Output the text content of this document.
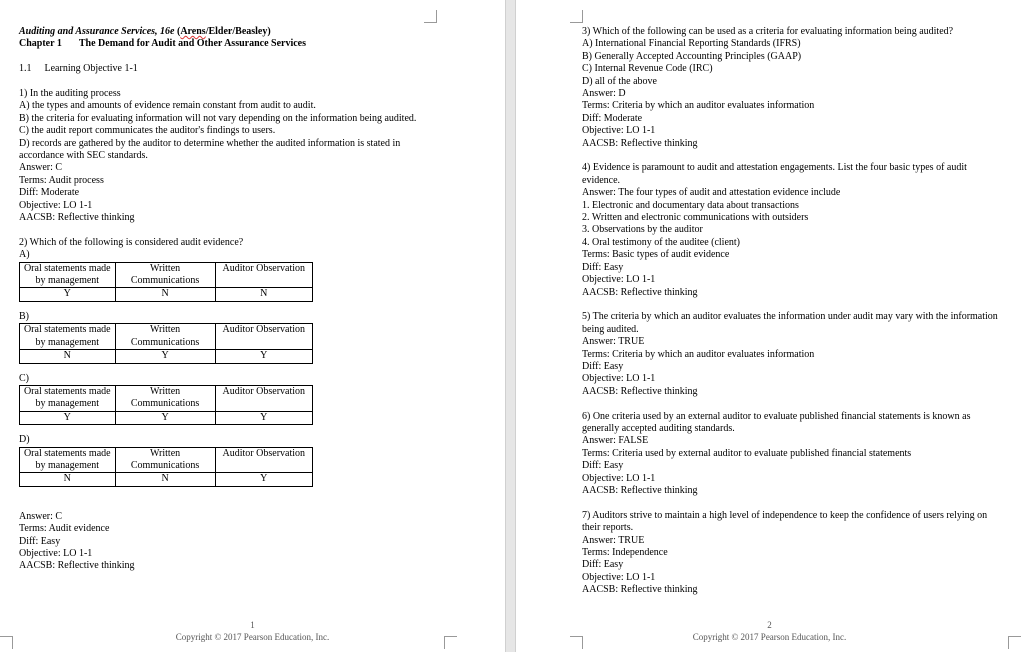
Auditing and Assurance Services, 16e (Arens/Elder/Beasley)
Chapter 1 The Demand for Audit and Other Assurance Services
1.1 Learning Objective 1-1
1) In the auditing process
A) the types and amounts of evidence remain constant from audit to audit.
B) the criteria for evaluating information will not vary depending on the information being audited.
C) the audit report communicates the auditor's findings to users.
D) records are gathered by the auditor to determine whether the audited information is stated in accordance with SEC standards.
Answer: C
Terms: Audit process
Diff: Moderate
Objective: LO 1-1
AACSB: Reflective thinking
2) Which of the following is considered audit evidence?
A)
Oral statements made by management	Written Communications	Auditor Observation
Y	N	N
B)
Oral statements made by management	Written Communications	Auditor Observation
N	Y	Y
C)
Oral statements made by management	Written Communications	Auditor Observation
Y	Y	Y
D)
Oral statements made by management	Written Communications	Auditor Observation
N	N	Y
Answer: C
Terms: Audit evidence
Diff: Easy
Objective: LO 1-1
AACSB: Reflective thinking
1
Copyright © 2017 Pearson Education, Inc.
3) Which of the following can be used as a criteria for evaluating information being audited?
A) International Financial Reporting Standards (IFRS)
B) Generally Accepted Accounting Principles (GAAP)
C) Internal Revenue Code (IRC)
D) all of the above
Answer: D
Terms: Criteria by which an auditor evaluates information
Diff: Moderate
Objective: LO 1-1
AACSB: Reflective thinking
4) Evidence is paramount to audit and attestation engagements. List the four basic types of audit evidence.
Answer: The four types of audit and attestation evidence include
1. Electronic and documentary data about transactions
2. Written and electronic communications with outsiders
3. Observations by the auditor
4. Oral testimony of the auditee (client)
Terms: Basic types of audit evidence
Diff: Easy
Objective: LO 1-1
AACSB: Reflective thinking
5) The criteria by which an auditor evaluates the information under audit may vary with the information being audited.
Answer: TRUE
Terms: Criteria by which an auditor evaluates information
Diff: Easy
Objective: LO 1-1
AACSB: Reflective thinking
6) One criteria used by an external auditor to evaluate published financial statements is known as generally accepted auditing standards.
Answer: FALSE
Terms: Criteria used by external auditor to evaluate published financial statements
Diff: Easy
Objective: LO 1-1
AACSB: Reflective thinking
7) Auditors strive to maintain a high level of independence to keep the confidence of users relying on their reports.
Answer: TRUE
Terms: Independence
Diff: Easy
Objective: LO 1-1
AACSB: Reflective thinking
2
Copyright © 2017 Pearson Education, Inc.
